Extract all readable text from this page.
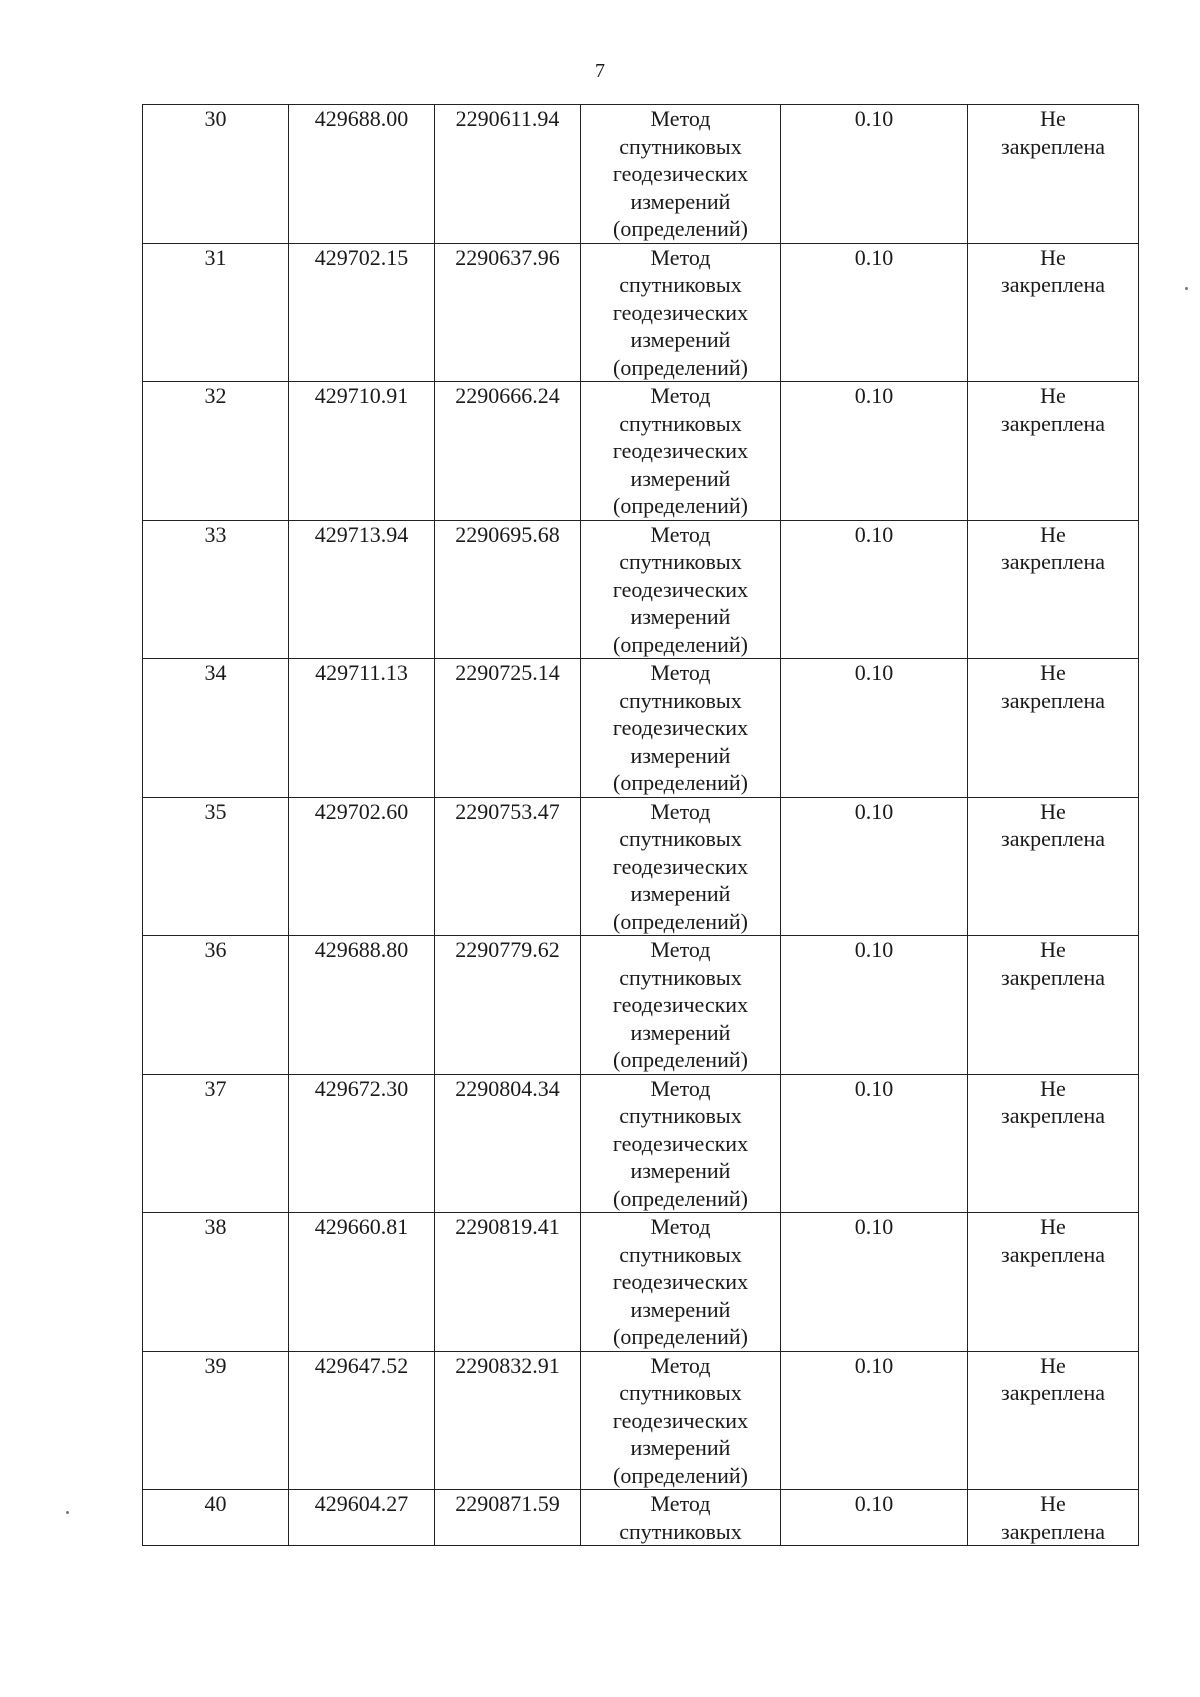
7
30	429688.00	2290611.94	Метод
спутниковых
геодезических
измерений
(определений)	0.10	Не
закреплена

31	429702.15	2290637.96	Метод
спутниковых
геодезических
измерений
(определений)	0.10	Не
закреплена

32	429710.91	2290666.24	Метод
спутниковых
геодезических
измерений
(определений)	0.10	Не
закреплена

33	429713.94	2290695.68	Метод
спутниковых
геодезических
измерений
(определений)	0.10	Не
закреплена

34	429711.13	2290725.14	Метод
спутниковых
геодезических
измерений
(определений)	0.10	Не
закреплена

35	429702.60	2290753.47	Метод
спутниковых
геодезических
измерений
(определений)	0.10	Не
закреплена

36	429688.80	2290779.62	Метод
спутниковых
геодезических
измерений
(определений)	0.10	Не
закреплена

37	429672.30	2290804.34	Метод
спутниковых
геодезических
измерений
(определений)	0.10	Не
закреплена

38	429660.81	2290819.41	Метод
спутниковых
геодезических
измерений
(определений)	0.10	Не
закреплена

39	429647.52	2290832.91	Метод
спутниковых
геодезических
измерений
(определений)	0.10	Не
закреплена

40	429604.27	2290871.59	Метод
спутниковых	0.10	Не
закреплена
